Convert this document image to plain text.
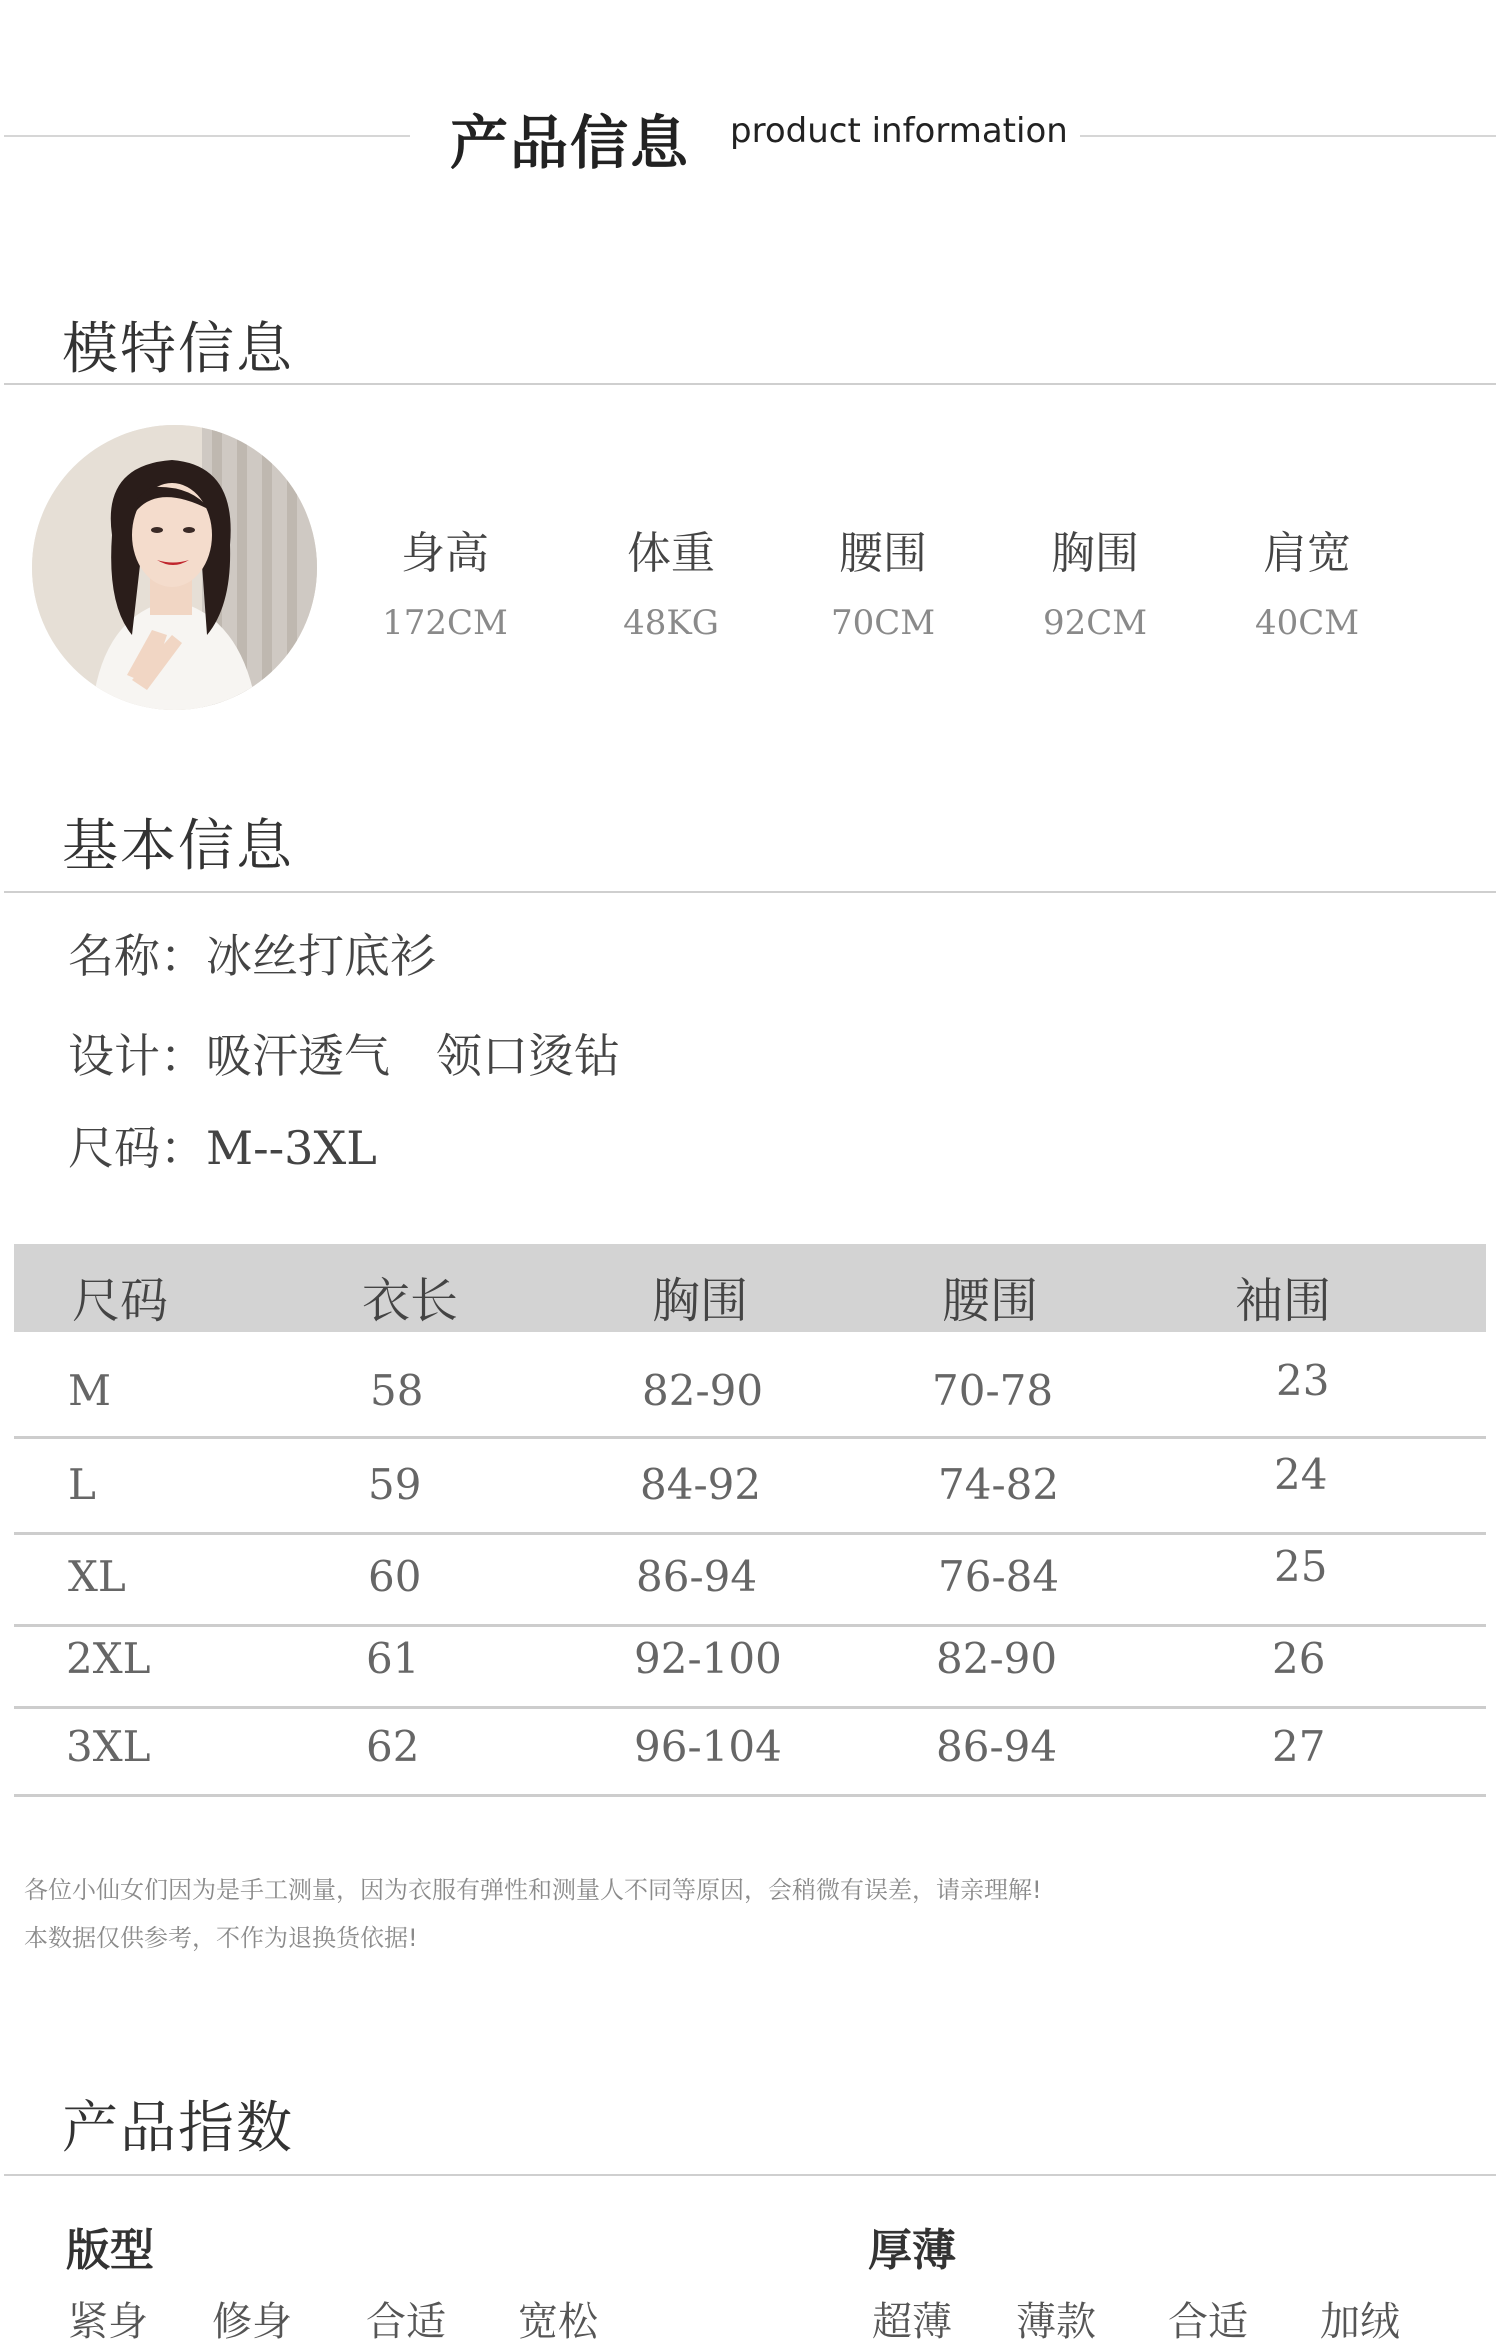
产品信息 product information
模特信息
身高
172CM
体重
48KG
腰围
70CM
胸围
92CM
肩宽
40CM
基本信息
名称：冰丝打底衫
设计：吸汗透气　领口烫钻
尺码：M--3XL
尺码	衣长	胸围	腰围	袖围
M	58	82-90	70-78	23
L	59	84-92	74-82	24
XL	60	86-94	76-84	25
2XL	61	92-100	82-90	26
3XL	62	96-104	86-94	27
各位小仙女们因为是手工测量，因为衣服有弹性和测量人不同等原因，会稍微有误差，请亲理解!
本数据仅供参考，不作为退换货依据!
产品指数
版型	厚薄
紧身 修身 合适 宽松	超薄 薄款 合适 加绒
